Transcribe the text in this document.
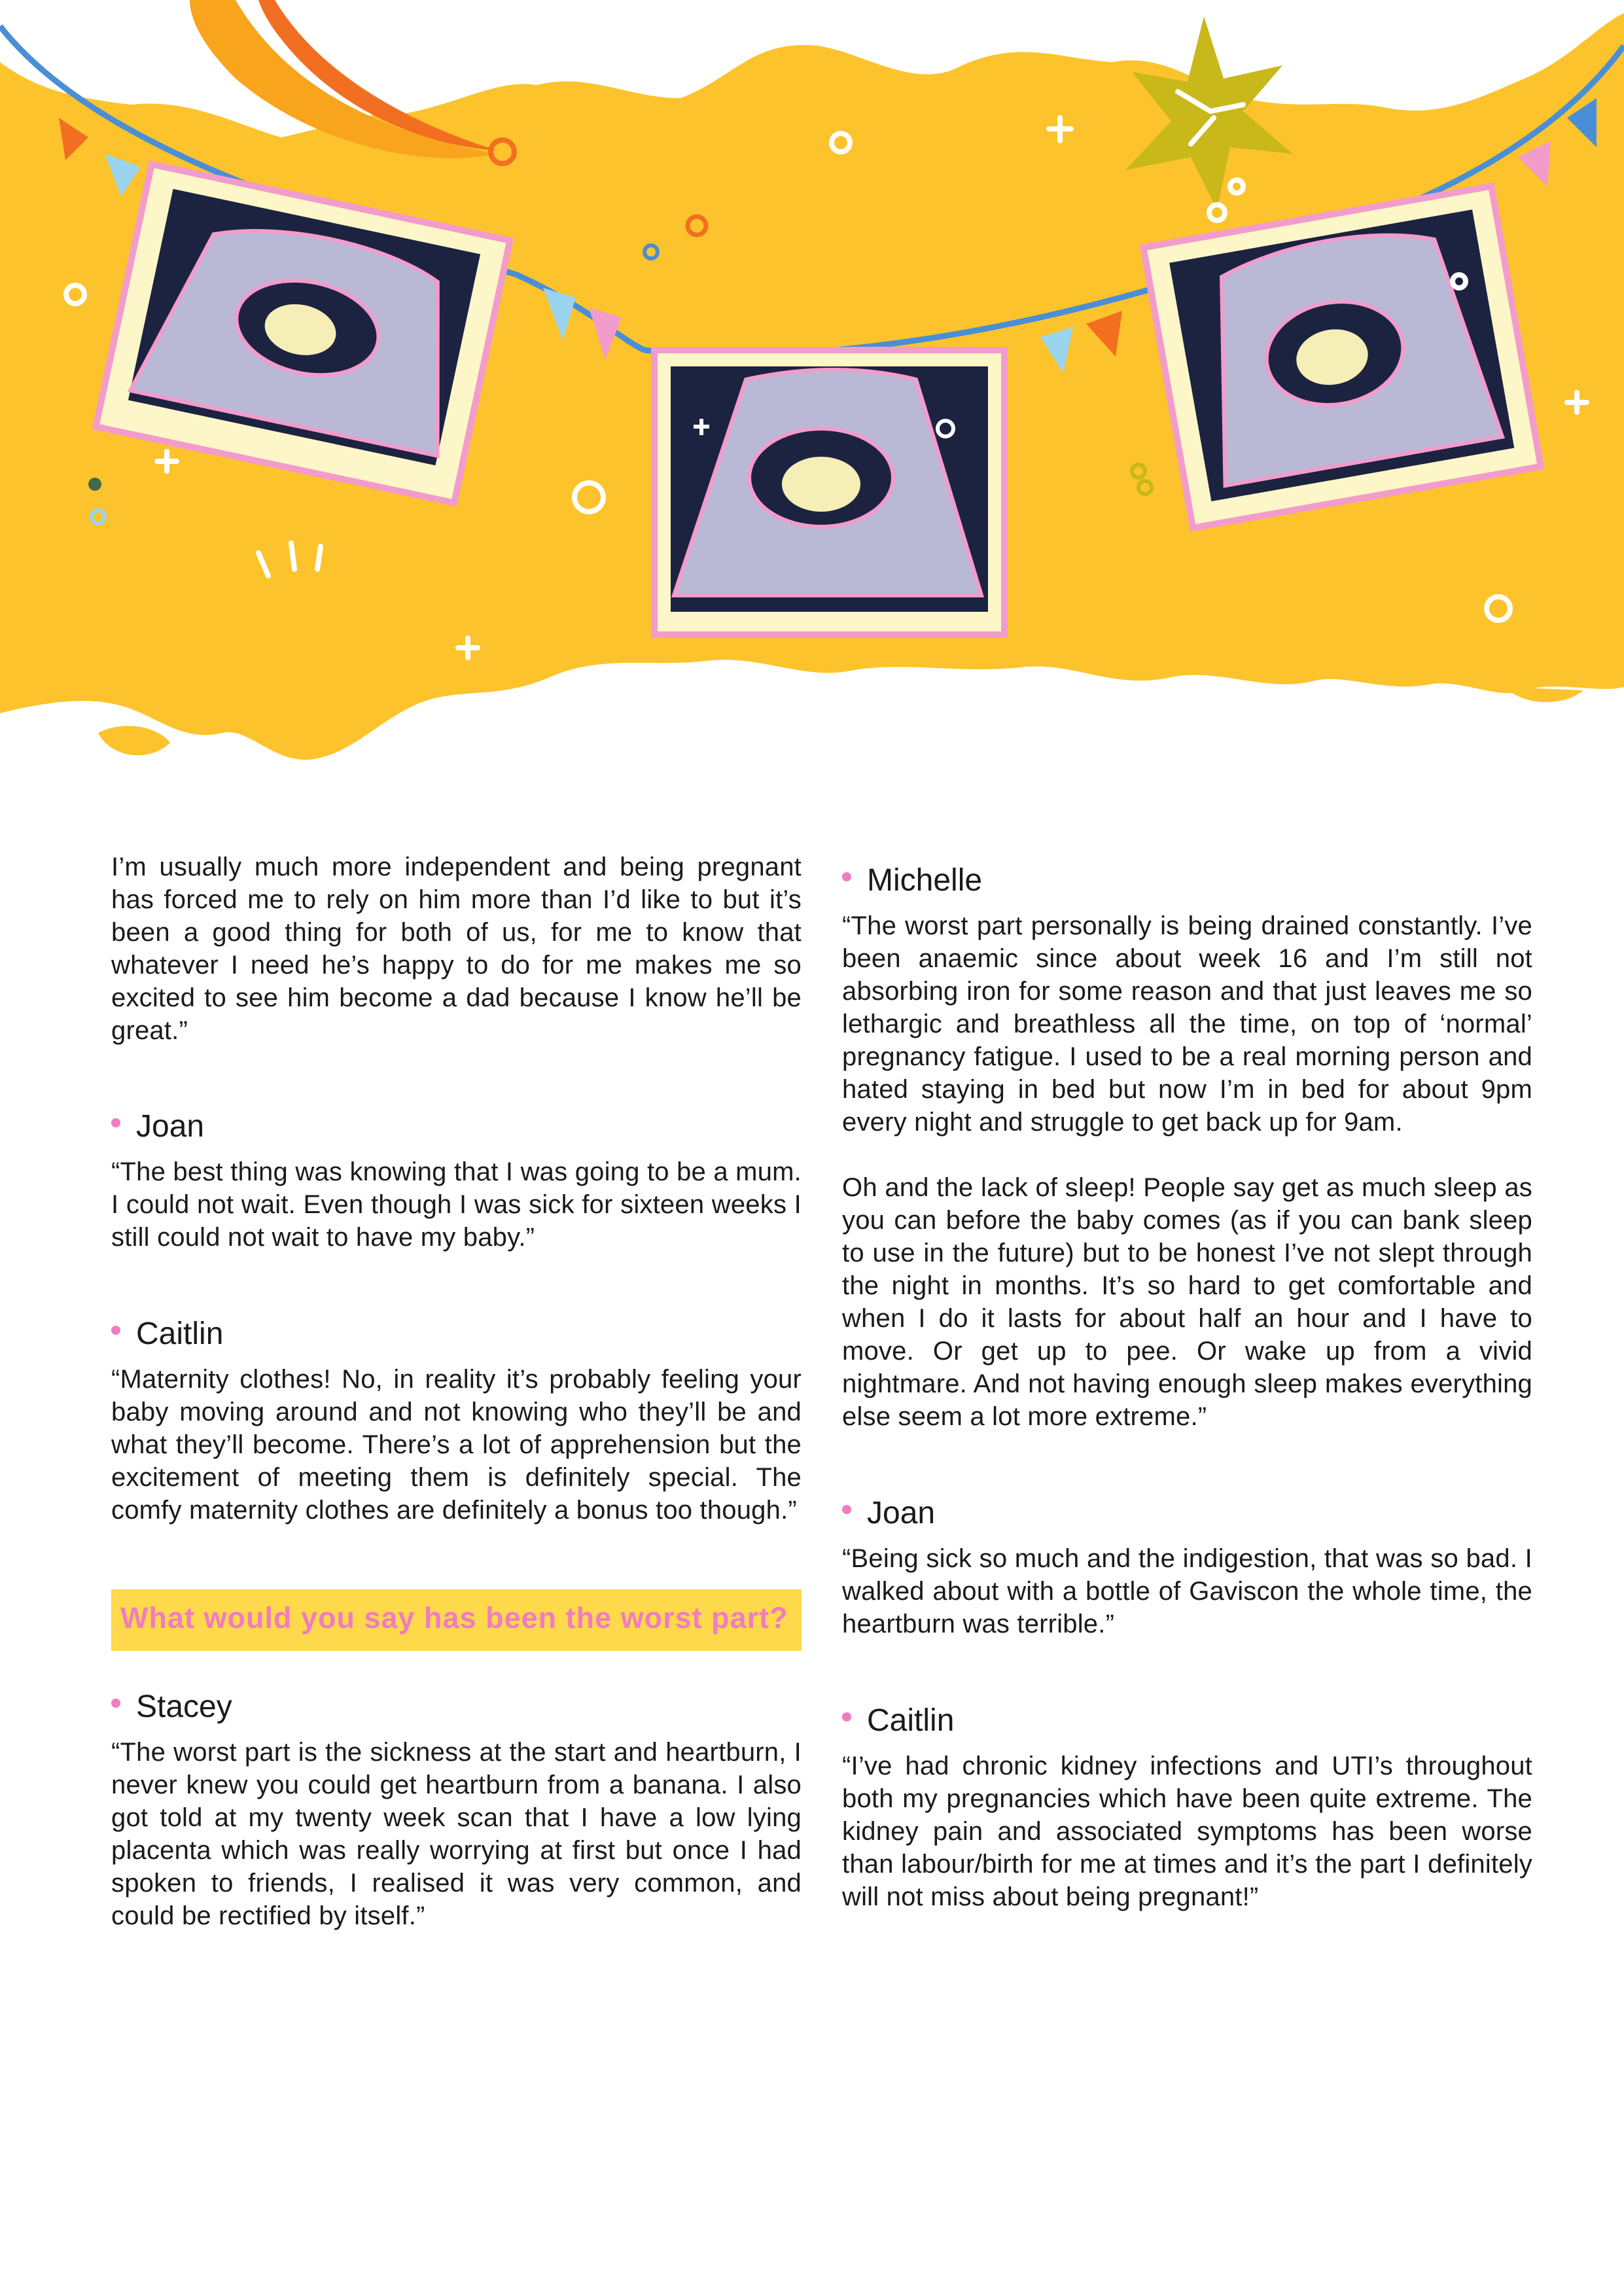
I’m usually much more independent and being pregnant has forced me to rely on him more than I’d like to but it’s been a good thing for both of us, for me to know that whatever I need he’s happy to do for me makes me so excited to see him become a dad because I know he’ll be great.”

Joan

“The best thing was knowing that I was going to be a mum. I could not wait. Even though I was sick for sixteen weeks I still could not wait to have my baby.”

Caitlin

“Maternity clothes! No, in reality it’s probably feeling your baby moving around and not knowing who they’ll be and what they’ll become. There’s a lot of apprehension but the excitement of meeting them is definitely special. The comfy maternity clothes are definitely a bonus too though.”

What would you say has been the worst part?
Stacey

“The worst part is the sickness at the start and heartburn, I never knew you could get heartburn from a banana. I also got told at my twenty week scan that I have a low lying placenta which was really worrying at first but once I had spoken to friends, I realised it was very common, and could be rectified by itself.”

Michelle

“The worst part personally is being drained constantly. I’ve been anaemic since about week 16 and I’m still not absorbing iron for some reason and that just leaves me so lethargic and breathless all the time, on top of ‘normal’ pregnancy fatigue. I used to be a real morning person and hated staying in bed but now I’m in bed for about 9pm every night and struggle to get back up for 9am.

Oh and the lack of sleep! People say get as much sleep as you can before the baby comes (as if you can bank sleep to use in the future) but to be honest I’ve not slept through the night in months. It’s so hard to get comfortable and when I do it lasts for about half an hour and I have to move. Or get up to pee. Or wake up from a vivid nightmare. And not having enough sleep makes everything else seem a lot more extreme.”

Joan

“Being sick so much and the indigestion, that was so bad. I walked about with a bottle of Gaviscon the whole time, the heartburn was terrible.”

Caitlin

“I’ve had chronic kidney infections and UTI’s throughout both my pregnancies which have been quite extreme. The kidney pain and associated symptoms has been worse than labour/birth for me at times and it’s the part I definitely will not miss about being pregnant!”
